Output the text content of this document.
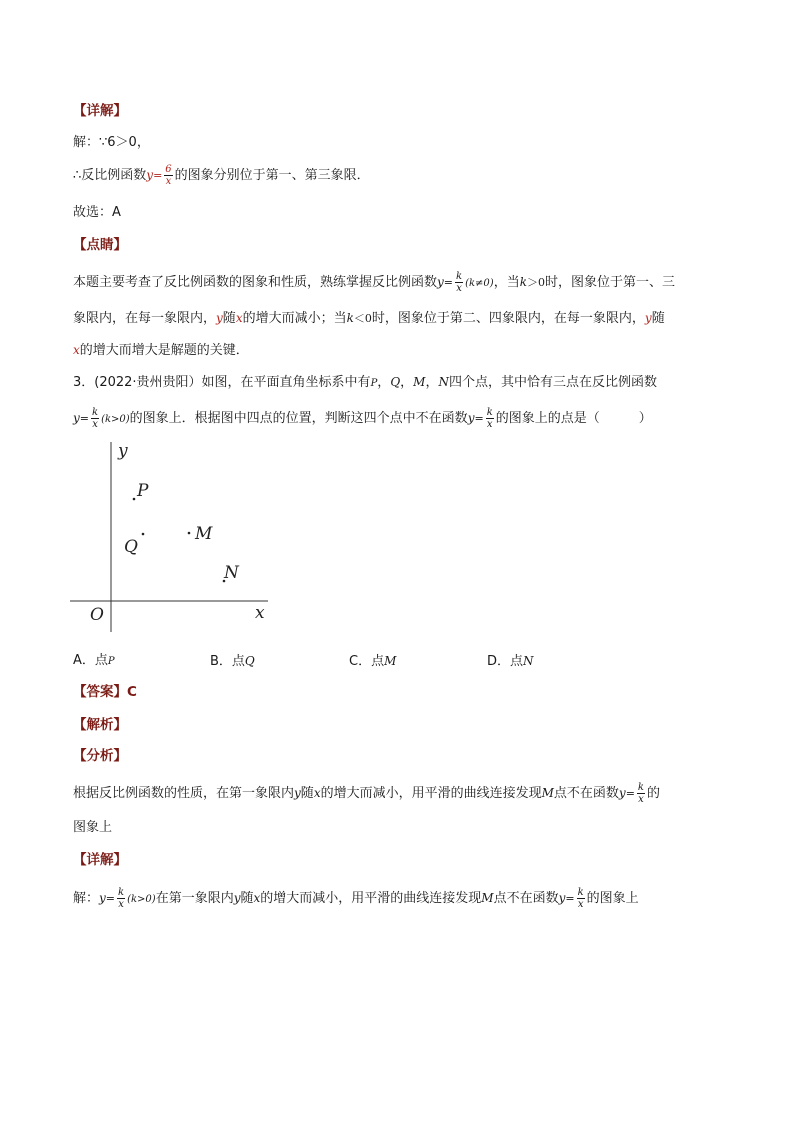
【详解】
解：∵6＞0，
∴反比例函数$y= \frac{6}{x}$ 的图象分别位于第一、第三象限．
故选：A
【点睛】
本题主要考查了反比例函数的图象和性质，熟练掌握反比例函数$y= \frac{k}{x} (k\ne 0)$，当k＞0时，图象位于第一、三
象限内，在每一象限内，y随x的增大而减小；当k＜0时，图象位于第二、四象限内，在每一象限内，y随
x的增大而增大是解题的关键．
3．(2022·贵州贵阳）如图，在平面直角坐标系中有P，Q，M，N四个点，其中恰有三点在反比例函数
$y= \frac{k}{x} (k>0)$的图象上．根据图中四点的位置，判断这四个点中不在函数$y= \frac{k}{x}$ 的图象上的点是（　　　）
y
x
O
P
Q
M
N
A．点P	B．点Q	C．点M	D．点N
【答案】C
【解析】
【分析】
根据反比例函数的性质，在第一象限内y随x的增大而减小，用平滑的曲线连接发现M点不在函数$y= \frac{k}{x}$ 的
图象上
【详解】
解：$y= \frac{k}{x} (k>0)$在第一象限内y随x的增大而减小，用平滑的曲线连接发现M点不在函数$y= \frac{k}{x}$ 的图象上
